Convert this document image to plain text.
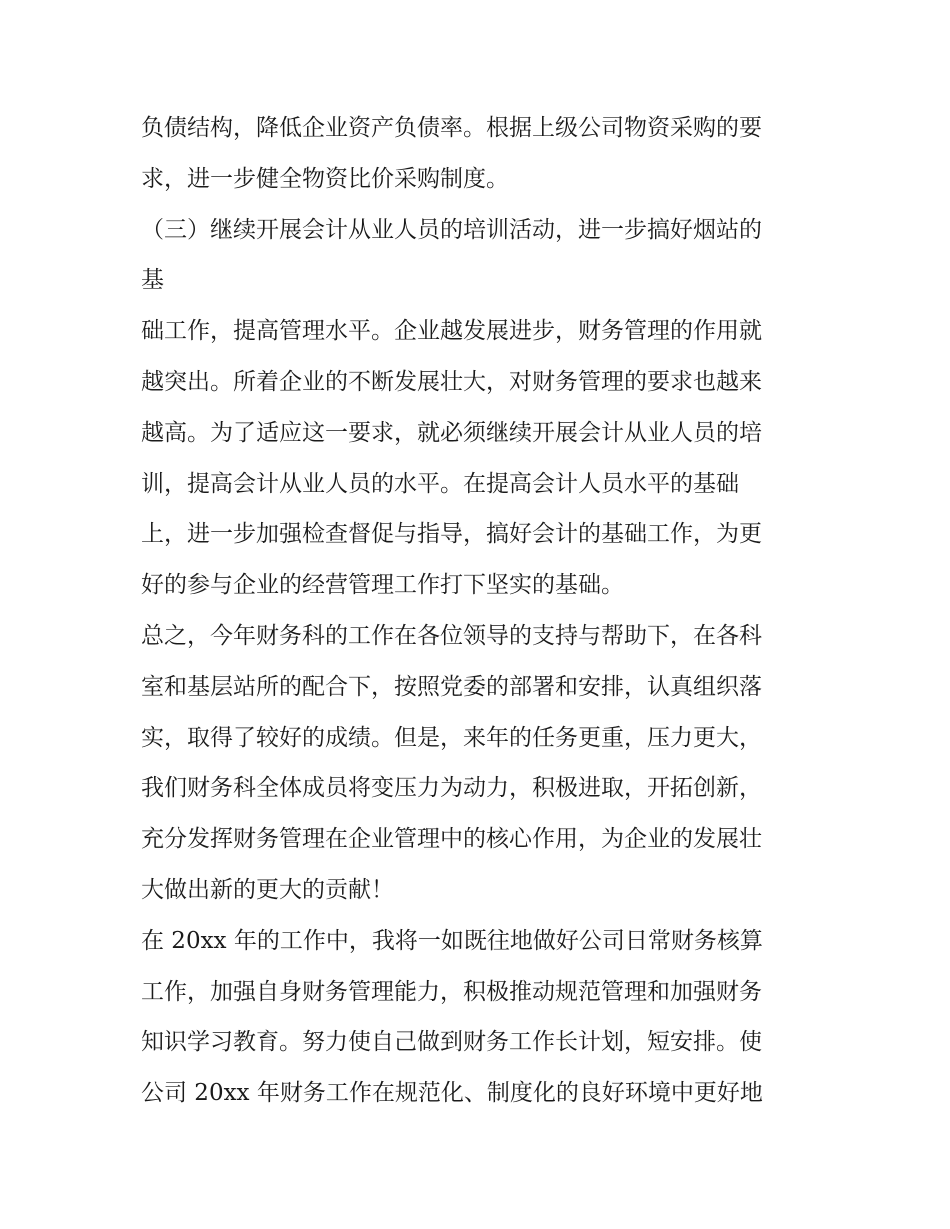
负债结构，降低企业资产负债率。根据上级公司物资采购的要
求，进一步健全物资比价采购制度。
（三）继续开展会计从业人员的培训活动，进一步搞好烟站的
基
础工作，提高管理水平。企业越发展进步，财务管理的作用就
越突出。所着企业的不断发展壮大，对财务管理的要求也越来
越高。为了适应这一要求，就必须继续开展会计从业人员的培
训，提高会计从业人员的水平。在提高会计人员水平的基础
上，进一步加强检查督促与指导，搞好会计的基础工作，为更
好的参与企业的经营管理工作打下坚实的基础。
总之，今年财务科的工作在各位领导的支持与帮助下，在各科
室和基层站所的配合下，按照党委的部署和安排，认真组织落
实，取得了较好的成绩。但是，来年的任务更重，压力更大，
我们财务科全体成员将变压力为动力，积极进取，开拓创新，
充分发挥财务管理在企业管理中的核心作用，为企业的发展壮
大做出新的更大的贡献！
在 20xx 年的工作中，我将一如既往地做好公司日常财务核算
工作，加强自身财务管理能力，积极推动规范管理和加强财务
知识学习教育。努力使自己做到财务工作长计划，短安排。使
公司 20xx 年财务工作在规范化、制度化的良好环境中更好地
